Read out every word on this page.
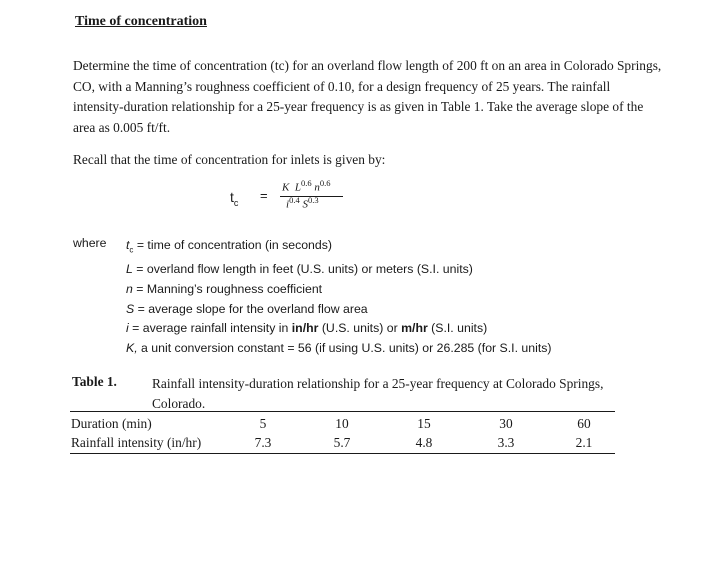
Time of concentration

Determine the time of concentration (tc) for an overland flow length of 200 ft on an area in Colorado Springs, CO, with a Manning’s roughness coefficient of 0.10, for a design frequency of 25 years. The rainfall intensity-duration relationship for a 25-year frequency is as given in Table 1. Take the average slope of the area as 0.005 ft/ft.

Recall that the time of concentration for inlets is given by:

$t_c$ =
K $L^{0.6}$ $n^{0.6}$
$i^{0.4}$ $S^{0.3}$
where $t_c$ = time of concentration (in seconds)
L = overland flow length in feet (U.S. units) or meters (S.I. units)
n = Manning’s roughness coefficient
S = average slope for the overland flow area
i = average rainfall intensity in in/hr (U.S. units) or m/hr (S.I. units)
K, a unit conversion constant = 56 (if using U.S. units) or 26.285 (for S.I. units)
Table 1.	Rainfall intensity-duration relationship for a 25-year frequency at Colorado Springs, Colorado.

Duration (min)	5	10	15	30	60
Rainfall intensity (in/hr)	7.3	5.7	4.8	3.3	2.1
